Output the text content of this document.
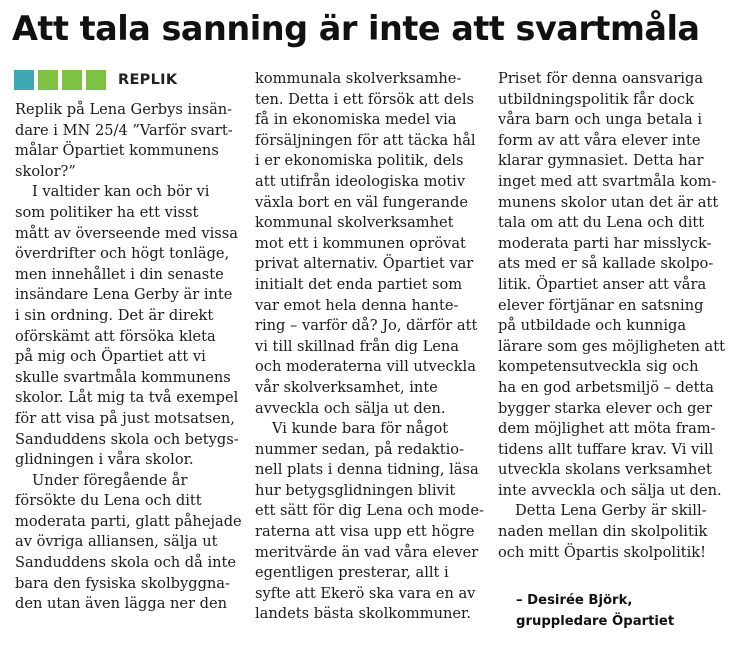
Att tala sanning är inte att svartmåla
REPLIK

Replik på Lena Gerbys insän-
dare i MN 25/4 ”Varför svart-
målar Öpartiet kommunens
skolor?”

I valtider kan och bör vi
som politiker ha ett visst
mått av överseende med vissa
överdrifter och högt tonläge,
men innehållet i din senaste
insändare Lena Gerby är inte
i sin ordning. Det är direkt
oförskämt att försöka kleta
på mig och Öpartiet att vi
skulle svartmåla kommunens
skolor. Låt mig ta två exempel
för att visa på just motsatsen,
Sanduddens skola och betygs-
glidningen i våra skolor.

Under föregående år
försökte du Lena och ditt
moderata parti, glatt påhejade
av övriga alliansen, sälja ut
Sanduddens skola och då inte
bara den fysiska skolbyggna-
den utan även lägga ner den

kommunala skolverksamhe-
ten. Detta i ett försök att dels
få in ekonomiska medel via
försäljningen för att täcka hål
i er ekonomiska politik, dels
att utifrån ideologiska motiv
växla bort en väl fungerande
kommunal skolverksamhet
mot ett i kommunen oprövat
privat alternativ. Öpartiet var
initialt det enda partiet som
var emot hela denna hante-
ring – varför då? Jo, därför att
vi till skillnad från dig Lena
och moderaterna vill utveckla
vår skolverksamhet, inte
avveckla och sälja ut den.

Vi kunde bara för något
nummer sedan, på redaktio-
nell plats i denna tidning, läsa
hur betygsglidningen blivit
ett sätt för dig Lena och mode-
raterna att visa upp ett högre
meritvärde än vad våra elever
egentligen presterar, allt i
syfte att Ekerö ska vara en av
landets bästa skolkommuner.

Priset för denna oansvariga
utbildningspolitik får dock
våra barn och unga betala i
form av att våra elever inte
klarar gymnasiet. Detta har
inget med att svartmåla kom-
munens skolor utan det är att
tala om att du Lena och ditt
moderata parti har misslyck-
ats med er så kallade skolpo-
litik. Öpartiet anser att våra
elever förtjänar en satsning
på utbildade och kunniga
lärare som ges möjligheten att
kompetensutveckla sig och
ha en god arbetsmiljö – detta
bygger starka elever och ger
dem möjlighet att möta fram-
tidens allt tuffare krav. Vi vill
utveckla skolans verksamhet
inte avveckla och sälja ut den.

Detta Lena Gerby är skill-
naden mellan din skolpolitik
och mitt Öpartis skolpolitik!

– Desirée Björk,
gruppledare Öpartiet
